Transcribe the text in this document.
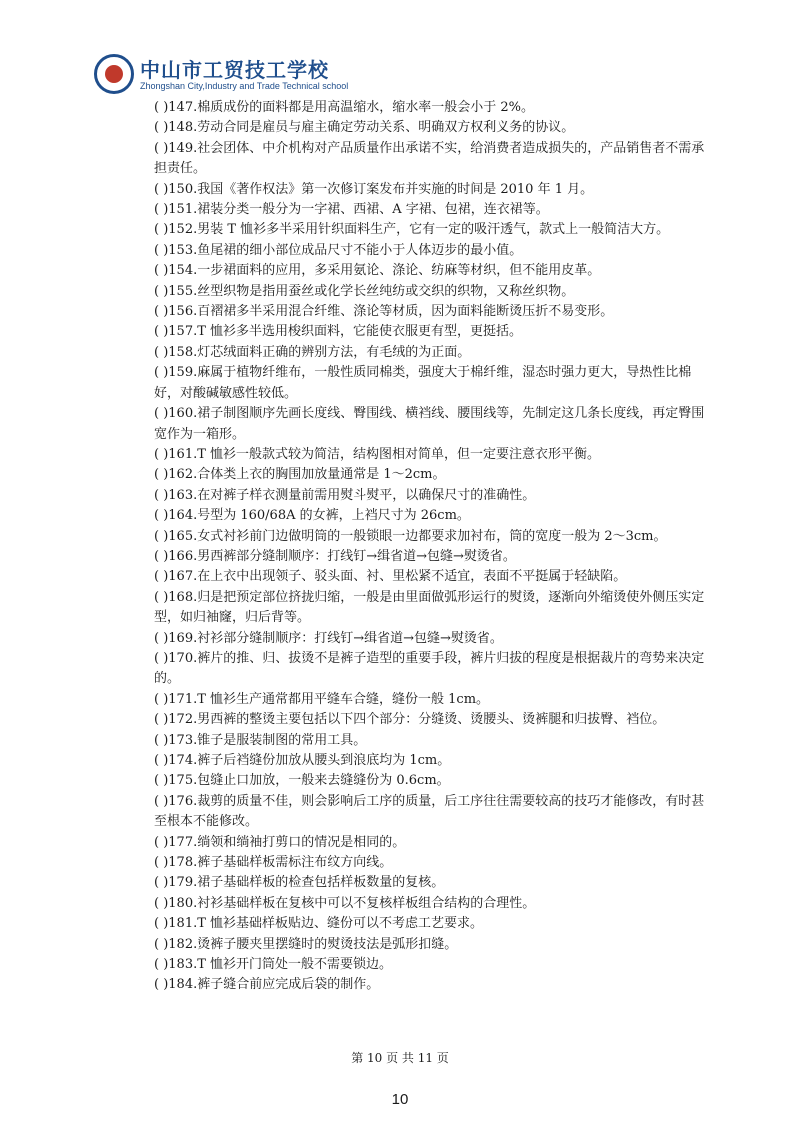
中山市工贸技工学校
Zhongshan City,Industry and Trade Technical school
( )147.棉质成份的面料都是用高温缩水，缩水率一般会小于 2%。
( )148.劳动合同是雇员与雇主确定劳动关系、明确双方权利义务的协议。
( )149.社会团体、中介机构对产品质量作出承诺不实，给消费者造成损失的，产品销售者不需承担责任。
( )150.我国《著作权法》第一次修订案发布并实施的时间是 2010 年 1 月。
( )151.裙装分类一般分为一字裙、西裙、A 字裙、包裙，连衣裙等。
( )152.男装 T 恤衫多半采用针织面料生产，它有一定的吸汗透气，款式上一般简洁大方。
( )153.鱼尾裙的细小部位成品尺寸不能小于人体迈步的最小值。
( )154.一步裙面料的应用，多采用氨论、涤论、纺麻等材织，但不能用皮革。
( )155.丝型织物是指用蚕丝或化学长丝纯纺或交织的织物，又称丝织物。
( )156.百褶裙多半采用混合纤维、涤论等材质，因为面料能断烫压折不易变形。
( )157.T 恤衫多半选用梭织面料，它能使衣服更有型，更挺括。
( )158.灯芯绒面料正确的辨别方法，有毛绒的为正面。
( )159.麻属于植物纤维布，一般性质同棉类，强度大于棉纤维，湿态时强力更大，导热性比棉好，对酸碱敏感性较低。
( )160.裙子制图顺序先画长度线、臀围线、横裆线、腰围线等，先制定这几条长度线，再定臀围宽作为一箱形。
( )161.T 恤衫一般款式较为简洁，结构图相对简单，但一定要注意衣形平衡。
( )162.合体类上衣的胸围加放量通常是 1～2cm。
( )163.在对裤子样衣测量前需用熨斗熨平，以确保尺寸的准确性。
( )164.号型为 160/68A 的女裤，上裆尺寸为 26cm。
( )165.女式衬衫前门边做明筒的一般锁眼一边都要求加衬布，筒的宽度一般为 2～3cm。
( )166.男西裤部分缝制顺序：打线钉→缉省道→包缝→熨烫省。
( )167.在上衣中出现领子、驳头面、衬、里松紧不适宜，表面不平挺属于轻缺陷。
( )168.归是把预定部位挤拢归缩，一般是由里面做弧形运行的熨烫，逐渐向外缩烫使外侧压实定型，如归袖窿，归后背等。
( )169.衬衫部分缝制顺序：打线钉→缉省道→包缝→熨烫省。
( )170.裤片的推、归、拔烫不是裤子造型的重要手段，裤片归拔的程度是根据裁片的弯势来决定的。
( )171.T 恤衫生产通常都用平缝车合缝，缝份一般 1cm。
( )172.男西裤的整烫主要包括以下四个部分：分缝烫、烫腰头、烫裤腿和归拔臀、裆位。
( )173.锥子是服装制图的常用工具。
( )174.裤子后裆缝份加放从腰头到浪底均为 1cm。
( )175.包缝止口加放，一般来去缝缝份为 0.6cm。
( )176.裁剪的质量不佳，则会影响后工序的质量，后工序往往需要较高的技巧才能修改，有时甚至根本不能修改。
( )177.绱领和绱袖打剪口的情况是相同的。
( )178.裤子基础样板需标注布纹方向线。
( )179.裙子基础样板的检查包括样板数量的复核。
( )180.衬衫基础样板在复核中可以不复核样板组合结构的合理性。
( )181.T 恤衫基础样板贴边、缝份可以不考虑工艺要求。
( )182.烫裤子腰夹里摆缝时的熨烫技法是弧形扣缝。
( )183.T 恤衫开门筒处一般不需要锁边。
( )184.裤子缝合前应完成后袋的制作。
第 10 页 共 11 页
10
